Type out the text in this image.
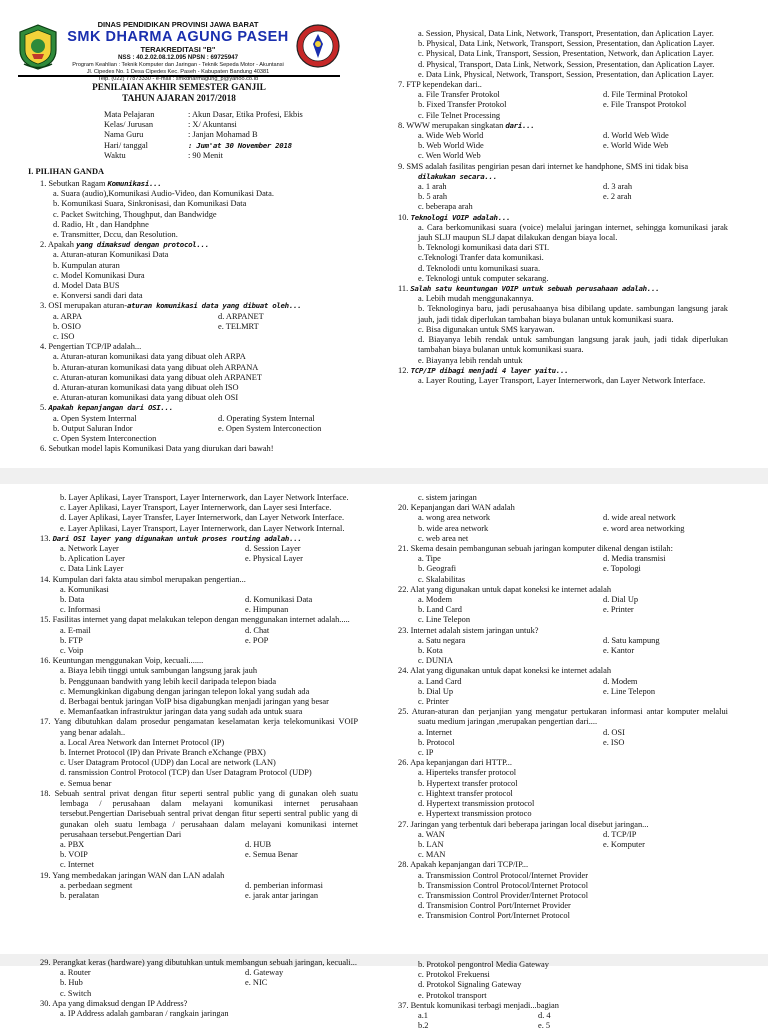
DINAS PENDIDIKAN PROVINSI JAWA BARAT
SMK DHARMA AGUNG PASEH
TERAKREDITASI "B"
NSS : 40.2.02.08.12.095 NPSN : 69725947
Program Keahlian : Teknik Komputer dan Jaringan - Teknik Sepeda Motor - Akuntansi
Jl. Cipedes No. 1 Desa Cipedes Kec. Paseh - Kabupaten Bandung 40381
Telp. (022) 77873330 - e-mail : smkdharmagung_p@yahoo.co.id
PENILAIAN AKHIR SEMESTER GANJIL
TAHUN AJARAN 2017/2018
Mata Pelajaran	: Akun Dasar, Etika Profesi, Ekbis
Kelas/ Jurusan	: X/ Akuntansi
Nama Guru	: Janjan Mohamad B
Hari/ tanggal	: Jum'at 30 November 2018
Waktu	: 90 Menit
I. PILIHAN GANDA
1. Sebutkan Ragam Komunikasi...
a. Suara (audio),Komunikasi Audio-Video, dan Komunikasi Data.
b. Komunikasi Suara, Sinkronisasi, dan Komunikasi Data
c. Packet Switching, Thoughput, dan Bandwidge
d. Radio, Ht , dan Handphne
e. Transmitter, Dccu, dan Resolution.
2. Apakah yang dimaksud dengan protocol...
a. Aturan-aturan Komunikasi Data
b. Kumpulan aturan
c. Model Komunikasi Dura
d. Model Data BUS
e. Konversi sandi dari data
3. OSI merupakan aturan-aturan komunikasi data yang dibuat oleh...
a. ARPA	d. ARPANET
b. OSIO	e. TELMRT
c. ISO
4. Pengertian TCP/IP adalah...
a. Aturan-aturan komunikasi data yang dibuat oleh ARPA
b. Aturan-aturan komunikasi data yang dibuat oleh ARPANA
c. Aturan-aturan komunikasi data yang dibuat oleh ARPANET
d. Aturan-aturan komunikasi data yang dibuat oleh ISO
e. Aturan-aturan komunikasi data yang dibuat oleh OSI
5. Apakah kepanjangan dari OSI...
a. Open System Interrnal	d. Operating System Internal
b. Output Saluran Indor	e. Open System Interconection
c. Open System Interconection
6. Sebutkan model lapis Komunikasi Data yang diurukan dari bawah!
a. Session, Physical, Data Link, Network, Transport, Presentation, dan Aplication Layer.
b. Physical, Data Link, Network, Transport, Session, Presentation, dan Aplication Layer.
c. Physical, Data Link, Transport, Session, Presentation, Network, dan Aplication Layer.
d. Physical, Transport, Data Link, Network, Session, Presentation, dan Aplication Layer.
e. Data Link, Physical, Network, Transport, Session, Presentation, dan Aplication Layer.
7. FTP kependekan dari..
a. File Transfer Protokol	d. File Terminal Protokol
b. Fixed Transfer Protokol	e. File Transpot Protokol
c. File Telnet Processing
8. WWW merupakan singkatan dari...
a. Wide Web World	d. World Web Wide
b. Web World Wide	e. World Wide Web
c. Wen World Web
9. SMS adalah fasilitas pengirian pesan dari internet ke handphone, SMS ini tidak bisa
dilakukan secara...
a. 1 arah	d. 3 arah
b. 5 arah	e. 2 arah
c. beberapa arah
10. Teknologi VOIP adalah...
a. Cara berkomunikasi suara (voice) melalui jaringan internet, sehingga komunikasi jarak jauh SLJJ maupun SLJ dapat dilakukan dengan biaya local.
b. Teknologi komunikasi data dari STI.
c.Teknologi Tranfer data komunikasi.
d. Teknolodi untu komunikasi suara.
e. Teknologi untuk computer sekarang.
11. Salah satu keuntungan VOIP untuk sebuah perusahaan adalah...
a. Lebih mudah menggunakannya.
b. Teknologinya baru, jadi perusahaanya bisa dibilang update. sambungan langsung jarak jauh, jadi tidak diperlukan tambahan biaya bulanan untuk komunikasi suara.
c. Bisa digunakan untuk SMS karyawan.
d. Biayanya lebih rendak untuk sambungan langsung jarak jauh, jadi tidak diperlukan tambahan biaya bulanan untuk komunikasi suara.
e. Biayanya lebih rendah untuk
12. TCP/IP dibagi menjadi 4 layer yaitu...
a. Layer Routing, Layer Transport, Layer Internerwork, dan Layer Network Interface.
b. Layer Aplikasi, Layer Transport, Layer Internerwork, dan Layer Network Interface.
c. Layer Aplikasi, Layer Transport, Layer Internerwork, dan Layer sesi Interface.
d. Layer Aplikasi, Layer Transfer, Layer Internerwork, dan Layer Network Interface.
e. Layer Aplikasi, Layer Transport, Layer Internerwork, dan Layer Network Internal.
13. Dari OSI layer yang digunakan untuk proses routing adalah...
a. Network Layer	d. Session Layer
b. Aplication Layer	e. Physical Layer
c. Data Link Layer
14. Kumpulan dari fakta atau simbol merupakan pengertian...
a. Komunikasi
b. Data	d. Komunikasi Data
c. Informasi	e. Himpunan
15. Fasilitas internet yang dapat melakukan telepon dengan menggunakan internet adalah.....
a. E-mail	d. Chat
b. FTP	e. POP
c. Voip
16. Keuntungan menggunakan Voip, kecuali.......
a. Biaya lebih tinggi untuk sambungan langsung jarak jauh
b. Penggunaan bandwith yang lebih kecil daripada telepon biada
c. Memungkinkan digabung dengan jaringan telepon lokal yang sudah ada
d. Berbagai bentuk jaringan VoIP bisa digabungkan menjadi jaringan yang besar
e. Memanfaatkan infrastruktur jaringan data yang sudah ada untuk suara
17. Yang dibutuhkan dalam prosedur pengamatan keselamatan kerja telekomunikasi VOIP yang benar adalah..
a. Local Area Network dan Internet Protocol (IP)
b. Internet Protocol (IP) dan Private Branch eXchange (PBX)
c. User Datagram Protocol (UDP) dan Local are network (LAN)
d. ransmission Control Protocol (TCP) dan User Datagram Protocol (UDP)
e. Semua benar
18. Sebuah sentral privat dengan fitur seperti sentral public yang di gunakan oleh suatu lembaga / perusahaan dalam melayani komunikasi internet perusahaan tersebut.Pengertian Darisebuah sentral privat dengan fitur seperti sentral public yang di gunakan oleh suatu lembaga / perusahaan dalam melayani komunikasi internet perusahaan tersebut.Pengertian Dari
a. PBX	d. HUB
b. VOIP	e. Semua Benar
c. Internet
19. Yang membedakan jaringan WAN dan LAN adalah
a. perbedaan segment	d. pemberian informasi
b. peralatan	e. jarak antar jaringan
c. sistem jaringan
20. Kepanjangan dari WAN adalah
a. wong area network	d. wide areal network
b. wide area network	e. word area networking
c. web area net
21. Skema desain pembangunan sebuah jaringan komputer dikenal dengan istilah:
a. Tipe	d. Media transmisi
b. Geografi	e. Topologi
c. Skalabilitas
22. Alat yang digunakan untuk dapat koneksi ke internet adalah
a. Modem	d. Dial Up
b. Land Card	e. Printer
c. Line Telepon
23. Internet adalah sistem jaringan untuk?
a. Satu negara	d. Satu kampung
b. Kota	e. Kantor
c. DUNIA
24. Alat yang digunakan untuk dapat koneksi ke internet adalah
a. Land Card	d. Modem
b. Dial Up	e. Line Telepon
c. Printer
25. Aturan-aturan dan perjanjian yang mengatur pertukaran informasi antar komputer melalui suatu medium jaringan ,merupakan pengertian dari....
a. Internet	d. OSI
b. Protocol	e. ISO
c. IP
26. Apa kepanjangan dari HTTP...
a. Hiperteks transfer protocol
b. Hypertext transfer protocol
c. Hightext transfer protocol
d. Hypertext transmission protocol
e. Hypertext transmission protoco
27. Jaringan yang terbentuk dari beberapa jaringan local disebut jaringan...
a. WAN	d. TCP/IP
b. LAN	e. Komputer
c. MAN
28. Apakah kepanjangan dari TCP/IP...
a. Transmission Control Protocol/Internet Provider
b. Transmission Control Protocol/Internet Protocol
c. Transmission Control Provider/Internet Protocol
d. Transmision Control Port/Internet Provider
e. Transmision Control Port/Internet Protocol
29. Perangkat keras (hardware) yang dibutuhkan untuk membangun sebuah jaringan, kecuali...
a. Router	d. Gateway
b. Hub	e. NIC
c. Switch
30. Apa yang dimaksud dengan IP Address?
a. IP Address adalah gambaran / rangkain jaringan
b. Protokol pengontrol Media Gateway
c. Protokol Frekuensi
d. Protokol Signaling Gateway
e. Protokol transport
37. Bentuk komunikasi terbagi menjadi...bagian
a.1	d. 4
b.2	e. 5
